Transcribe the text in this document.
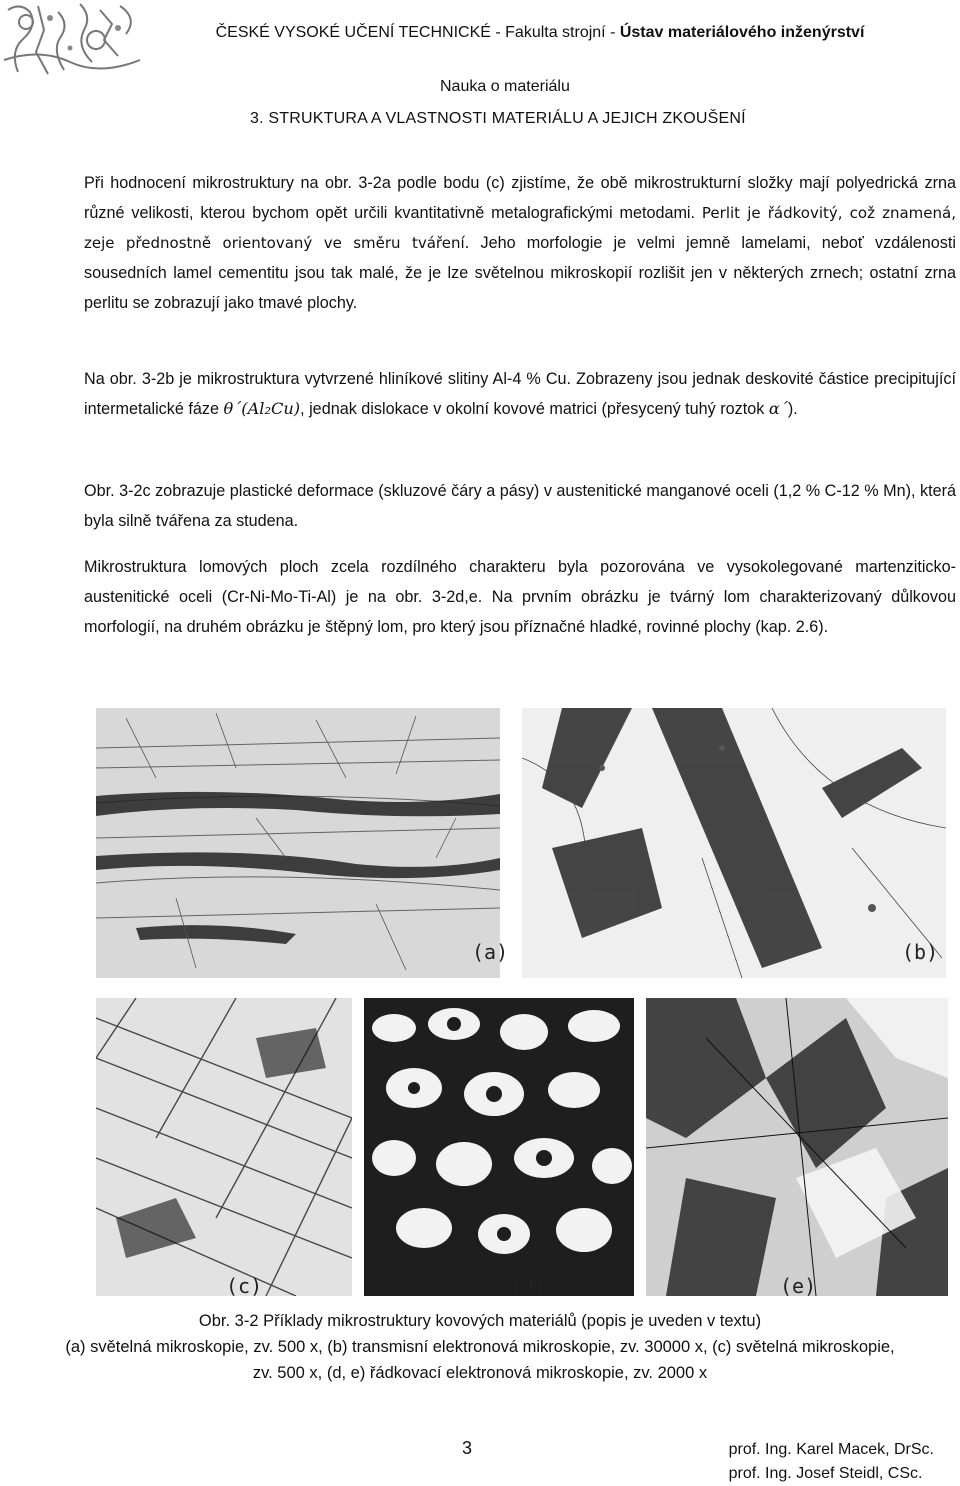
ČESKÉ VYSOKÉ UČENÍ TECHNICKÉ - Fakulta strojní - Ústav materiálového inženýrství
Nauka o materiálu
3. STRUKTURA A VLASTNOSTI MATERIÁLU A JEJICH ZKOUŠENÍ
Při hodnocení mikrostruktury na obr. 3-2a podle bodu (c) zjistíme, že obě mikrostrukturní složky mají polyedrická zrna různé velikosti, kterou bychom opět určili kvantitativně metalografickými metodami. Perlit je řádkovitý, což znamená, zeje přednostně orientovaný ve směru tváření. Jeho morfologie je velmi jemně lamelami, neboť vzdálenosti sousedních lamel cementitu jsou tak malé, že je lze světelnou mikroskopií rozlišit jen v některých zrnech; ostatní zrna perlitu se zobrazují jako tmavé plochy.
Na obr. 3-2b je mikrostruktura vytvrzené hliníkové slitiny Al-4 % Cu. Zobrazeny jsou jednak deskovité částice precipitující intermetalické fáze θ´(Al₂Cu), jednak dislokace v okolní kovové matrici (přesycený tuhý roztok α´).
Obr. 3-2c zobrazuje plastické deformace (skluzové čáry a pásy) v austenitické manganové oceli (1,2 % C-12 % Mn), která byla silně tvářena za studena.
Mikrostruktura lomových ploch zcela rozdílného charakteru byla pozorována ve vysokolegované martenziticko-austenitické oceli (Cr-Ni-Mo-Ti-Al) je na obr. 3-2d,e. Na prvním obrázku je tvárný lom charakterizovaný důlkovou morfologií, na druhém obrázku je štěpný lom, pro který jsou příznačné hladké, rovinné plochy (kap. 2.6).
(a)	(b)
(c)	(d)	(e)
Obr. 3-2 Příklady mikrostruktury kovových materiálů (popis je uveden v textu)
(a) světelná mikroskopie, zv. 500 x, (b) transmisní elektronová mikroskopie, zv. 30000 x, (c) světelná mikroskopie, zv. 500 x, (d, e) řádkovací elektronová mikroskopie, zv. 2000 x
3	prof. Ing. Karel Macek, DrSc.
prof. Ing. Josef Steidl, CSc.
